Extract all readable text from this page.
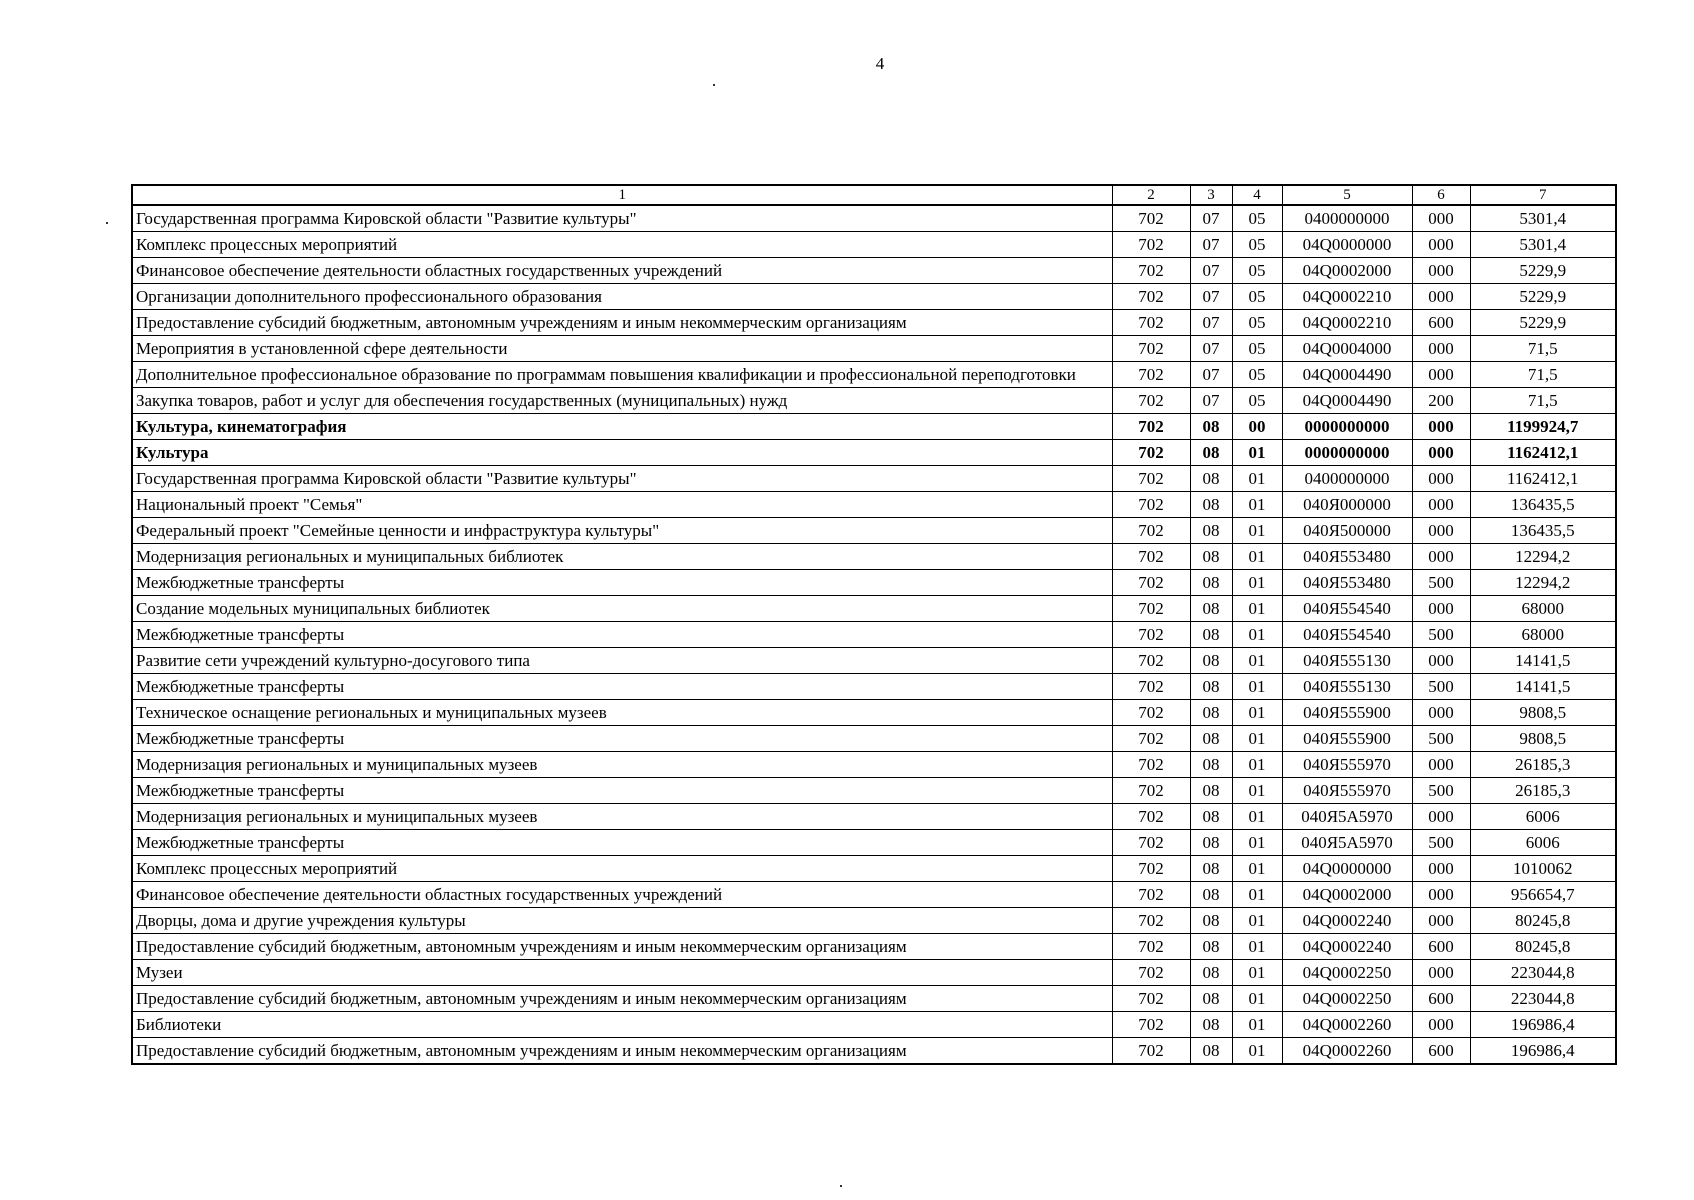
4
1	2	3	4	5	6	7
Государственная программа Кировской области "Развитие культуры"	702	07	05	0400000000	000	5301,4
Комплекс процессных мероприятий	702	07	05	04Q0000000	000	5301,4
Финансовое обеспечение деятельности областных государственных учреждений	702	07	05	04Q0002000	000	5229,9
Организации дополнительного профессионального образования	702	07	05	04Q0002210	000	5229,9
Предоставление субсидий бюджетным, автономным учреждениям и иным некоммерческим организациям	702	07	05	04Q0002210	600	5229,9
Мероприятия в установленной сфере деятельности	702	07	05	04Q0004000	000	71,5
Дополнительное профессиональное образование по программам повышения квалификации и профессиональной переподготовки	702	07	05	04Q0004490	000	71,5
Закупка товаров, работ и услуг для обеспечения государственных (муниципальных) нужд	702	07	05	04Q0004490	200	71,5
Культура, кинематография	702	08	00	0000000000	000	1199924,7
Культура	702	08	01	0000000000	000	1162412,1
Государственная программа Кировской области "Развитие культуры"	702	08	01	0400000000	000	1162412,1
Национальный проект "Семья"	702	08	01	040Я000000	000	136435,5
Федеральный проект "Семейные ценности и инфраструктура культуры"	702	08	01	040Я500000	000	136435,5
Модернизация региональных и муниципальных библиотек	702	08	01	040Я553480	000	12294,2
Межбюджетные трансферты	702	08	01	040Я553480	500	12294,2
Создание модельных муниципальных библиотек	702	08	01	040Я554540	000	68000
Межбюджетные трансферты	702	08	01	040Я554540	500	68000
Развитие сети учреждений культурно-досугового типа	702	08	01	040Я555130	000	14141,5
Межбюджетные трансферты	702	08	01	040Я555130	500	14141,5
Техническое оснащение региональных и муниципальных музеев	702	08	01	040Я555900	000	9808,5
Межбюджетные трансферты	702	08	01	040Я555900	500	9808,5
Модернизация региональных и муниципальных музеев	702	08	01	040Я555970	000	26185,3
Межбюджетные трансферты	702	08	01	040Я555970	500	26185,3
Модернизация региональных и муниципальных музеев	702	08	01	040Я5А5970	000	6006
Межбюджетные трансферты	702	08	01	040Я5А5970	500	6006
Комплекс процессных мероприятий	702	08	01	04Q0000000	000	1010062
Финансовое обеспечение деятельности областных государственных учреждений	702	08	01	04Q0002000	000	956654,7
Дворцы, дома и другие учреждения культуры	702	08	01	04Q0002240	000	80245,8
Предоставление субсидий бюджетным, автономным учреждениям и иным некоммерческим организациям	702	08	01	04Q0002240	600	80245,8
Музеи	702	08	01	04Q0002250	000	223044,8
Предоставление субсидий бюджетным, автономным учреждениям и иным некоммерческим организациям	702	08	01	04Q0002250	600	223044,8
Библиотеки	702	08	01	04Q0002260	000	196986,4
Предоставление субсидий бюджетным, автономным учреждениям и иным некоммерческим организациям	702	08	01	04Q0002260	600	196986,4
